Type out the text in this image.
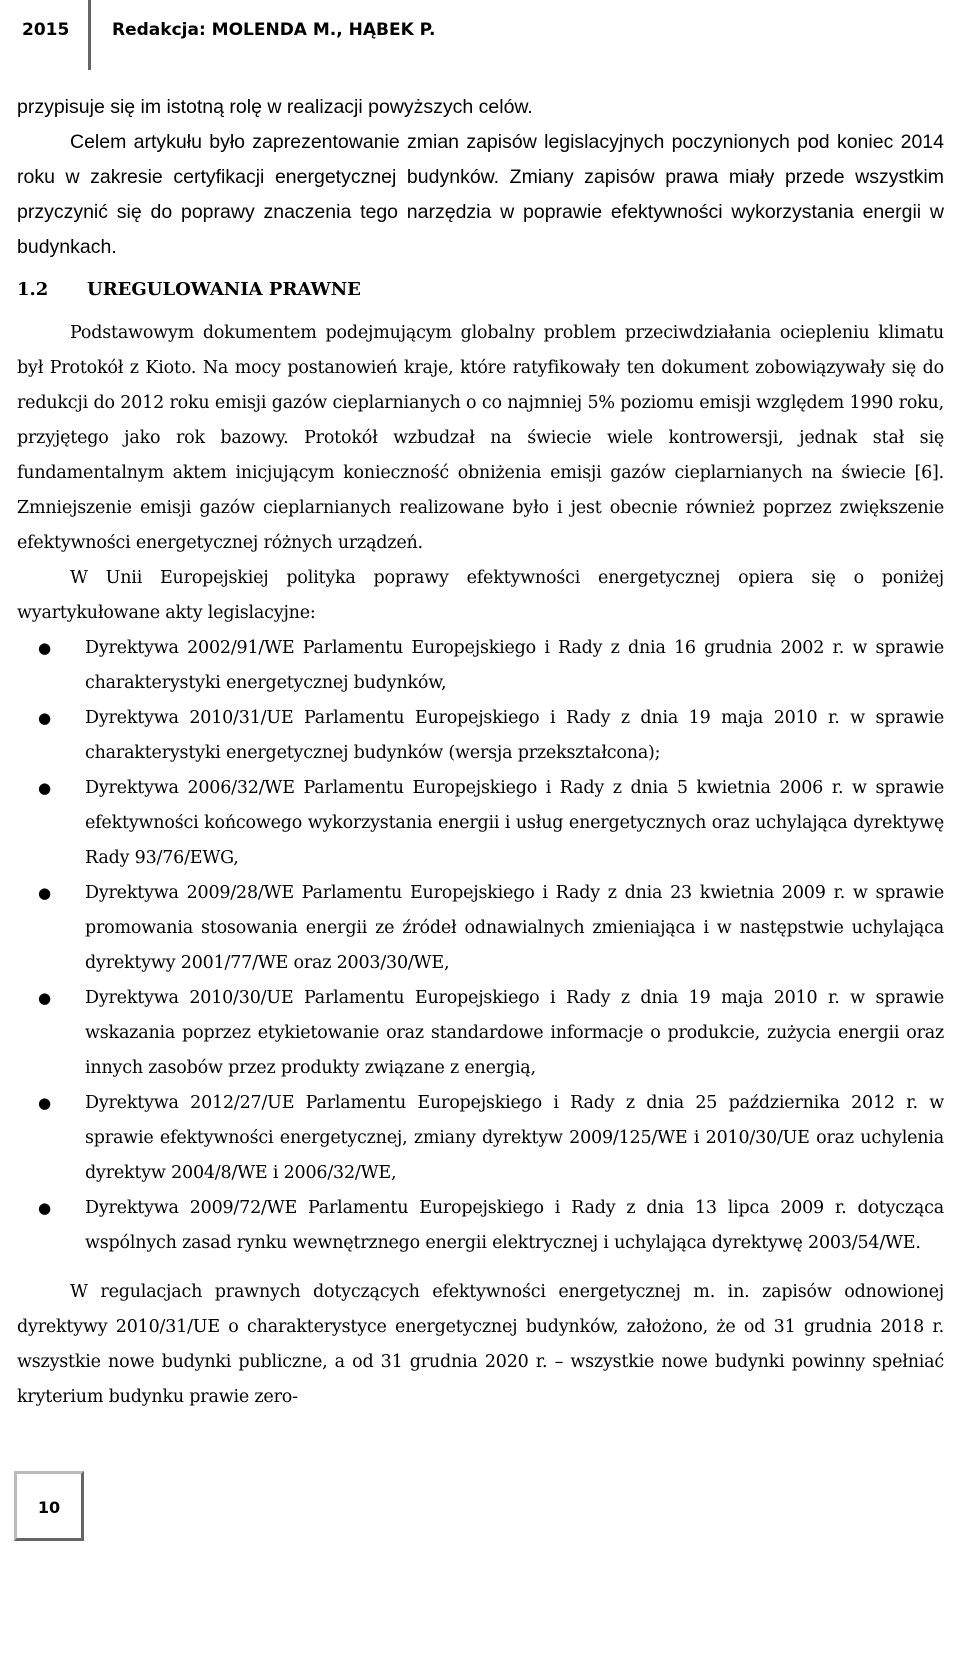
2015	Redakcja: MOLENDA M., HĄBEK P.

przypisuje się im istotną rolę w realizacji powyższych celów.

Celem artykułu było zaprezentowanie zmian zapisów legislacyjnych poczynionych pod koniec 2014 roku w zakresie certyfikacji energetycznej budynków. Zmiany zapisów prawa miały przede wszystkim przyczynić się do poprawy znaczenia tego narzędzia w poprawie efektywności wykorzystania energii w budynkach.

1.2	UREGULOWANIA PRAWNE

Podstawowym dokumentem podejmującym globalny problem przeciwdziałania ociepleniu klimatu był Protokół z Kioto. Na mocy postanowień kraje, które ratyfikowały ten dokument zobowiązywały się do redukcji do 2012 roku emisji gazów cieplarnianych o co najmniej 5% poziomu emisji względem 1990 roku, przyjętego jako rok bazowy. Protokół wzbudzał na świecie wiele kontrowersji, jednak stał się fundamentalnym aktem inicjującym konieczność obniżenia emisji gazów cieplarnianych na świecie [6]. Zmniejszenie emisji gazów cieplarnianych realizowane było i jest obecnie również poprzez zwiększenie efektywności energetycznej różnych urządzeń.

W Unii Europejskiej polityka poprawy efektywności energetycznej opiera się o poniżej wyartykułowane akty legislacyjne:

● Dyrektywa 2002/91/WE Parlamentu Europejskiego i Rady z dnia 16 grudnia 2002 r. w sprawie charakterystyki energetycznej budynków,
● Dyrektywa 2010/31/UE Parlamentu Europejskiego i Rady z dnia 19 maja 2010 r. w sprawie charakterystyki energetycznej budynków (wersja przekształcona);
● Dyrektywa 2006/32/WE Parlamentu Europejskiego i Rady z dnia 5 kwietnia 2006 r. w sprawie efektywności końcowego wykorzystania energii i usług energetycznych oraz uchylająca dyrektywę Rady 93/76/EWG,
● Dyrektywa 2009/28/WE Parlamentu Europejskiego i Rady z dnia 23 kwietnia 2009 r. w sprawie promowania stosowania energii ze źródeł odnawialnych zmieniająca i w następstwie uchylająca dyrektywy 2001/77/WE oraz 2003/30/WE,
● Dyrektywa 2010/30/UE Parlamentu Europejskiego i Rady z dnia 19 maja 2010 r. w sprawie wskazania poprzez etykietowanie oraz standardowe informacje o produkcie, zużycia energii oraz innych zasobów przez produkty związane z energią,
● Dyrektywa 2012/27/UE Parlamentu Europejskiego i Rady z dnia 25 października 2012 r. w sprawie efektywności energetycznej, zmiany dyrektyw 2009/125/WE i 2010/30/UE oraz uchylenia dyrektyw 2004/8/WE i 2006/32/WE,
● Dyrektywa 2009/72/WE Parlamentu Europejskiego i Rady z dnia 13 lipca 2009 r. dotycząca wspólnych zasad rynku wewnętrznego energii elektrycznej i uchylająca dyrektywę 2003/54/WE.

W regulacjach prawnych dotyczących efektywności energetycznej m. in. zapisów odnowionej dyrektywy 2010/31/UE o charakterystyce energetycznej budynków, założono, że od 31 grudnia 2018 r. wszystkie nowe budynki publiczne, a od 31 grudnia 2020 r. – wszystkie nowe budynki powinny spełniać kryterium budynku prawie zero-

10
